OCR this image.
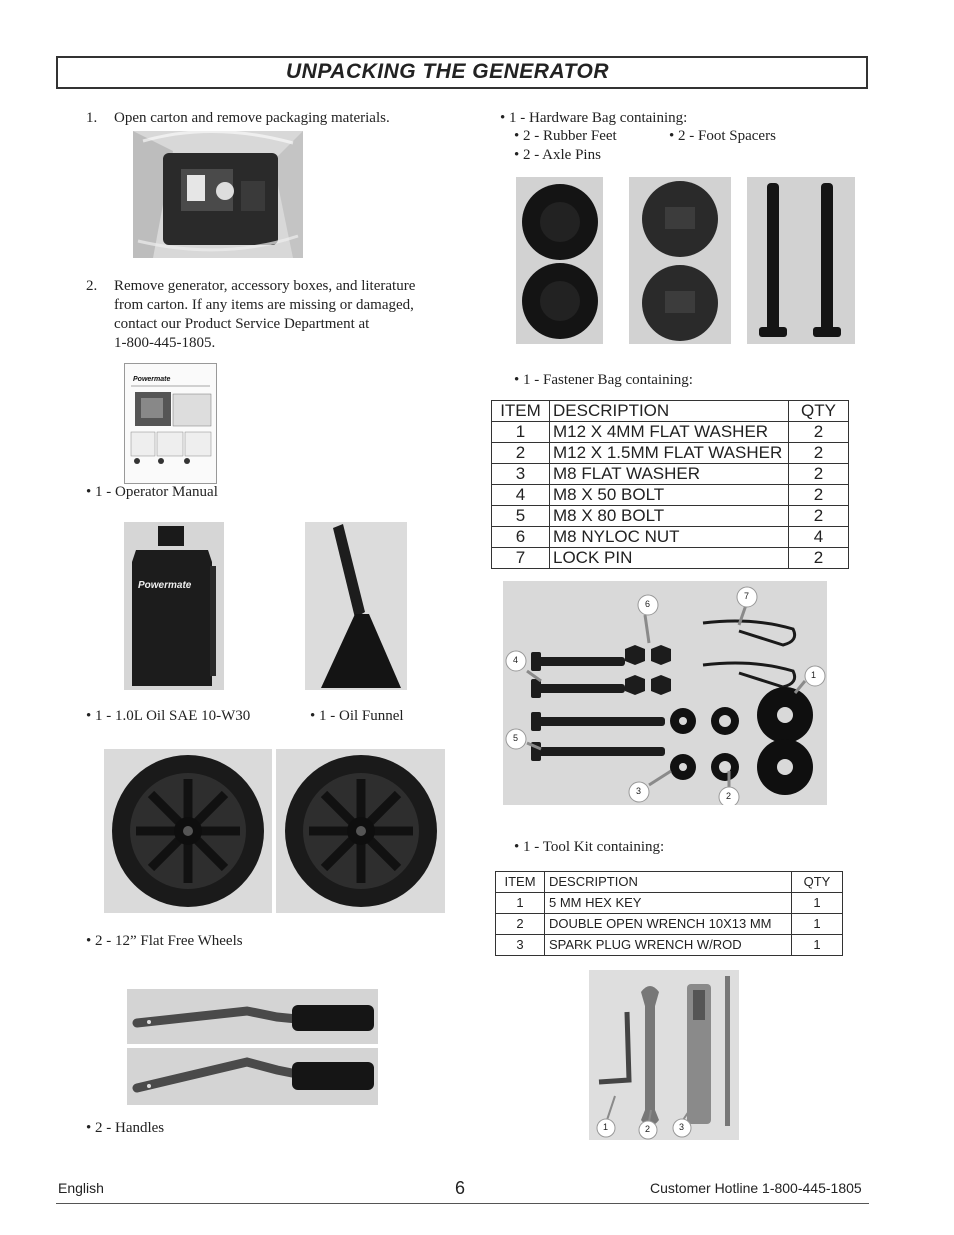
UNPACKING THE GENERATOR
1. Open carton and remove packaging materials.
2. Remove generator, accessory boxes, and literature
from carton. If any items are missing or damaged,
contact our Product Service Department at
1-800-445-1805.
Powermate
• 1 - Operator Manual
Powermate
• 1 - 1.0L Oil SAE 10-W30	• 1 - Oil Funnel
• 2 - 12” Flat Free Wheels
• 2 - Handles
• 1 - Hardware Bag containing:
• 2 - Rubber Feet	• 2 - Foot Spacers
• 2 - Axle Pins
• 1 - Fastener Bag containing:
ITEM	DESCRIPTION	QTY
1	M12 X 4MM FLAT WASHER	2
2	M12 X 1.5MM FLAT WASHER	2
3	M8 FLAT WASHER	2
4	M8 X 50 BOLT	2
5	M8 X 80 BOLT	2
6	M8 NYLOC NUT	4
7	LOCK PIN	2
1
2
3
4
5
6
7
• 1 - Tool Kit containing:
ITEM	DESCRIPTION	QTY
1	5 MM HEX KEY	1
2	DOUBLE OPEN WRENCH 10X13 MM	1
3	SPARK PLUG WRENCH W/ROD	1
1	2	3
English	6	Customer Hotline 1-800-445-1805
